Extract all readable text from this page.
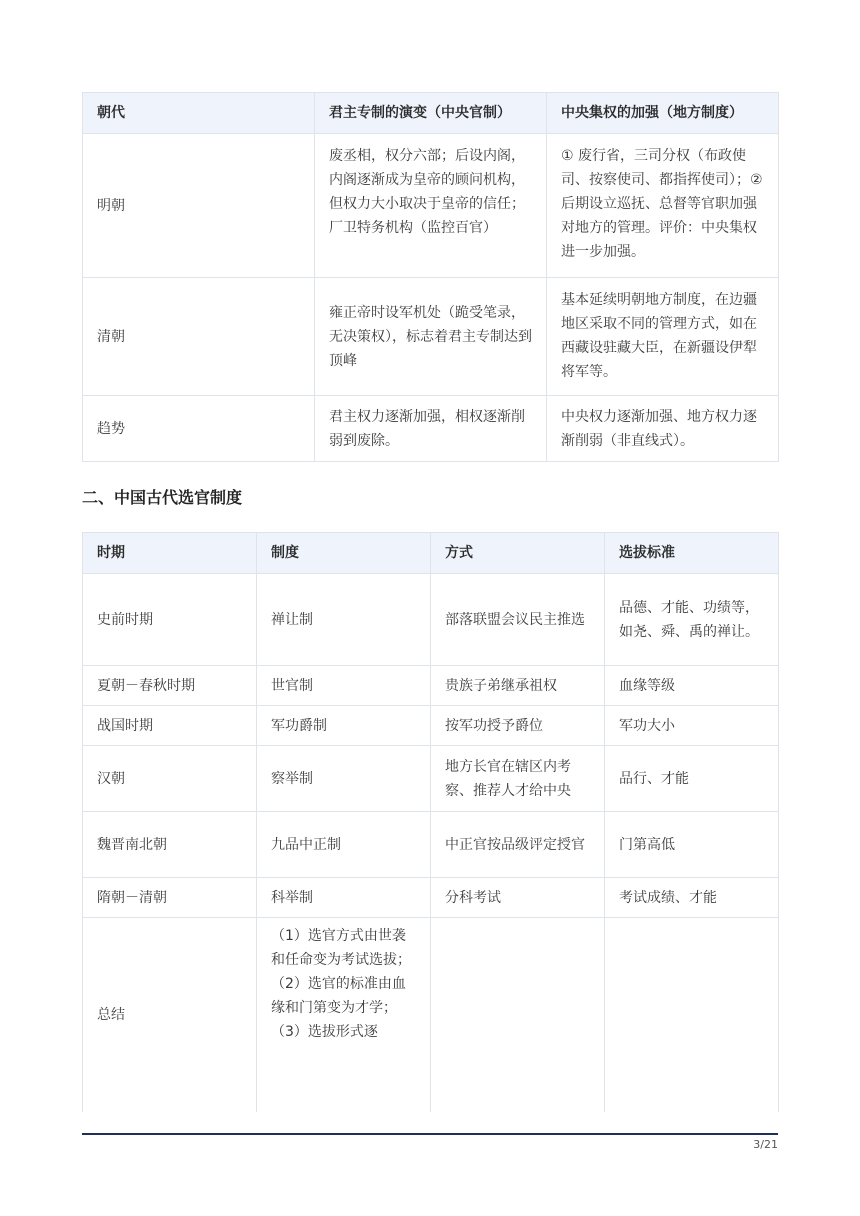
朝代	君主专制的演变（中央官制）	中央集权的加强（地方制度）
明朝	废丞相，权分六部；后设内阁，内阁逐渐成为皇帝的顾问机构，但权力大小取决于皇帝的信任；厂卫特务机构（监控百官）	① 废行省，三司分权（布政使司、按察使司、都指挥使司）；② 后期设立巡抚、总督等官职加强对地方的管理。评价：中央集权进一步加强。
清朝	雍正帝时设军机处（跪受笔录，无决策权），标志着君主专制达到顶峰	基本延续明朝地方制度，在边疆地区采取不同的管理方式，如在西藏设驻藏大臣，在新疆设伊犁将军等。
趋势	君主权力逐渐加强，相权逐渐削弱到废除。	中央权力逐渐加强、地方权力逐渐削弱（非直线式）。
二、中国古代选官制度
时期	制度	方式	选拔标准
史前时期	禅让制	部落联盟会议民主推选	品德、才能、功绩等，如尧、舜、禹的禅让。
夏朝－春秋时期	世官制	贵族子弟继承祖权	血缘等级
战国时期	军功爵制	按军功授予爵位	军功大小
汉朝	察举制	地方长官在辖区内考察、推荐人才给中央	品行、才能
魏晋南北朝	九品中正制	中正官按品级评定授官	门第高低
隋朝－清朝	科举制	分科考试	考试成绩、才能
总结	（1）选官方式由世袭和任命变为考试选拔；（2）选官的标准由血缘和门第变为才学；（3）选拔形式逐		
3/21
